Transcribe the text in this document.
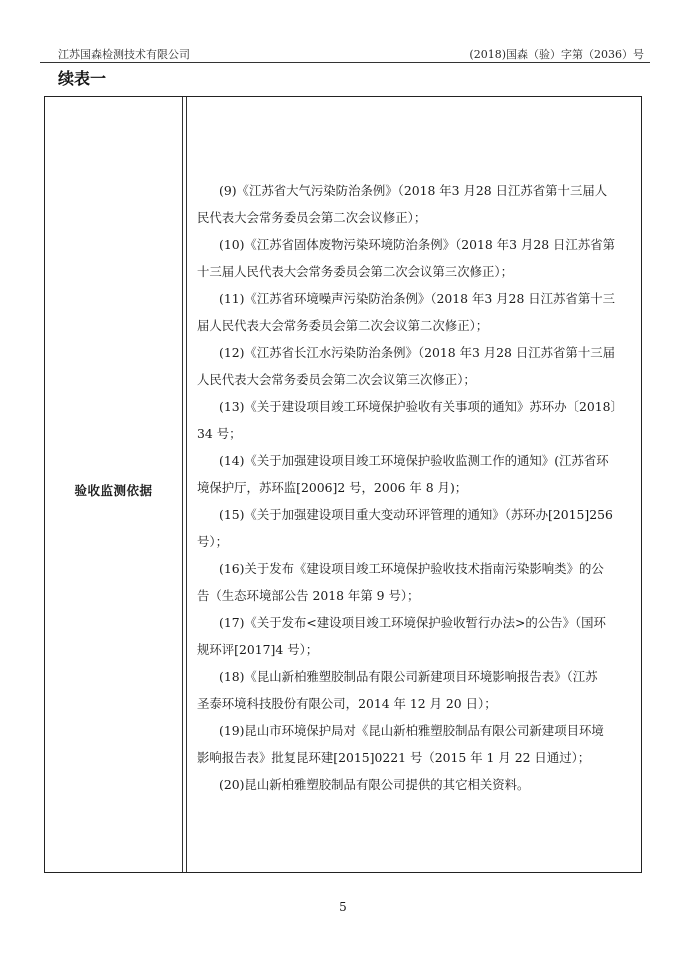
江苏国森检测技术有限公司	(2018)国森（验）字第（2036）号
续表一
验收监测依据
(9)《江苏省大气污染防治条例》（2018 年3 月28 日江苏省第十三届人
民代表大会常务委员会第二次会议修正）；
(10)《江苏省固体废物污染环境防治条例》（2018 年3 月28 日江苏省第
十三届人民代表大会常务委员会第二次会议第三次修正）；
(11)《江苏省环境噪声污染防治条例》（2018 年3 月28 日江苏省第十三
届人民代表大会常务委员会第二次会议第二次修正）；
(12)《江苏省长江水污染防治条例》（2018 年3 月28 日江苏省第十三届
人民代表大会常务委员会第二次会议第三次修正）；
(13)《关于建设项目竣工环境保护验收有关事项的通知》苏环办〔2018〕
34 号；
(14)《关于加强建设项目竣工环境保护验收监测工作的通知》(江苏省环
境保护厅，苏环监[2006]2 号，2006 年 8 月)；
(15)《关于加强建设项目重大变动环评管理的通知》（苏环办[2015]256
号）；
(16)关于发布《建设项目竣工环境保护验收技术指南污染影响类》的公
告（生态环境部公告 2018 年第 9 号）；
(17)《关于发布<建设项目竣工环境保护验收暂行办法>的公告》（国环
规环评[2017]4 号）；
(18)《昆山新柏雅塑胶制品有限公司新建项目环境影响报告表》（江苏
圣泰环境科技股份有限公司，2014 年 12 月 20 日）；
(19)昆山市环境保护局对《昆山新柏雅塑胶制品有限公司新建项目环境
影响报告表》批复昆环建[2015]0221 号（2015 年 1 月 22 日通过）；
(20)昆山新柏雅塑胶制品有限公司提供的其它相关资料。
5
